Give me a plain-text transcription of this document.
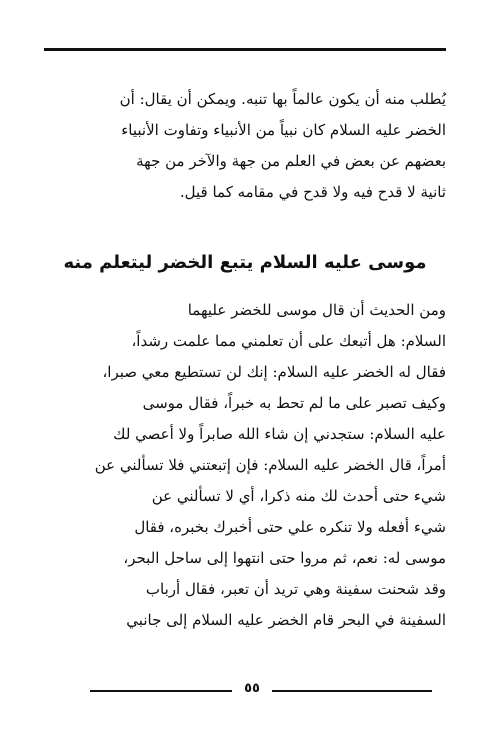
يُطلب منه أن يكون عالماً بها تنبه. ويمكن أن يقال: أن
الخضر عليه السلام كان نبياً من الأنبياء وتفاوت الأنبياء
بعضهم عن بعض في العلم من جهة والآخر من جهة
ثانية لا قدح فيه ولا قدح في مقامه كما قيل.
موسى عليه السلام يتبع الخضر ليتعلم منه
ومن الحديث أن قال موسى للخضر عليهما
السلام: هل أتبعك على أن تعلمني مما علمت رشداً،
فقال له الخضر عليه السلام: إنك لن تستطيع معي صبرا،
وكيف تصبر على ما لم تحط به خبراً، فقال موسى
عليه السلام: ستجدني إن شاء الله صابراً ولا أعصي لك
أمراً، قال الخضر عليه السلام: فإن إتبعتني فلا تسألني عن
شيء حتى أحدث لك منه ذكرا، أي لا تسألني عن
شيء أفعله ولا تنكره علي حتى أخبرك بخبره، فقال
موسى له: نعم، ثم مروا حتى انتهوا إلى ساحل البحر،
وقد شحنت سفينة وهي تريد أن تعبر، فقال أرباب
السفينة في البحر قام الخضر عليه السلام إلى جانبي
٥٥
